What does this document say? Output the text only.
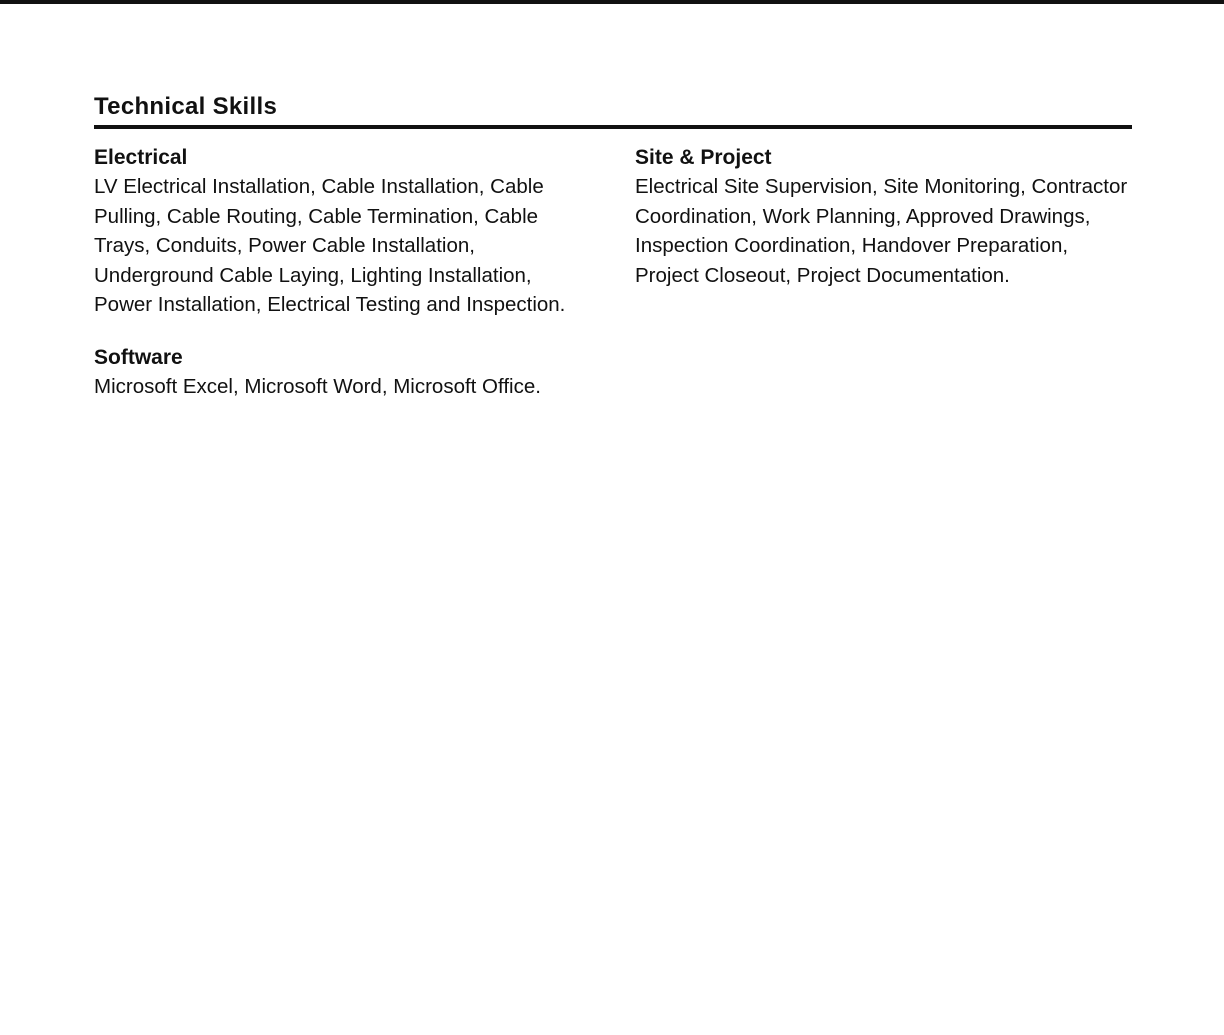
Technical Skills
Electrical
LV Electrical Installation, Cable Installation, Cable Pulling, Cable Routing, Cable Termination, Cable Trays, Conduits, Power Cable Installation, Underground Cable Laying, Lighting Installation, Power Installation, Electrical Testing and Inspection.
Site & Project
Electrical Site Supervision, Site Monitoring, Contractor Coordination, Work Planning, Approved Drawings, Inspection Coordination, Handover Preparation, Project Closeout, Project Documentation.
Software
Microsoft Excel, Microsoft Word, Microsoft Office.
